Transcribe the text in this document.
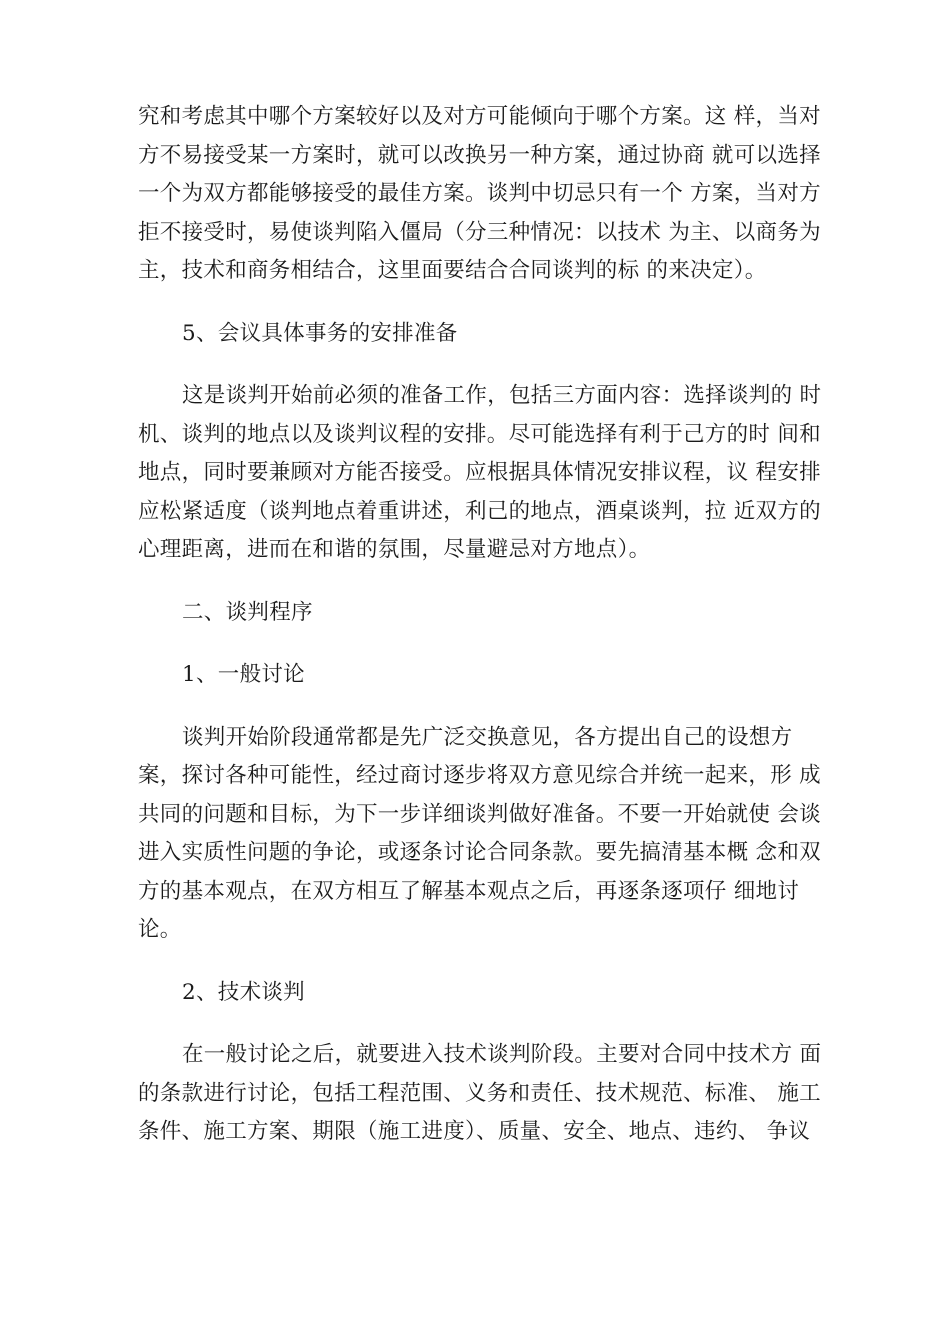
究和考虑其中哪个方案较好以及对方可能倾向于哪个方案。这 样，当对
方不易接受某一方案时，就可以改换另一种方案，通过协商 就可以选择
一个为双方都能够接受的最佳方案。谈判中切忌只有一个 方案，当对方
拒不接受时，易使谈判陷入僵局（分三种情况：以技术 为主、以商务为
主，技术和商务相结合，这里面要结合合同谈判的标 的来决定）。
5、会议具体事务的安排准备
这是谈判开始前必须的准备工作，包括三方面内容：选择谈判的 时
机、谈判的地点以及谈判议程的安排。尽可能选择有利于己方的时 间和
地点，同时要兼顾对方能否接受。应根据具体情况安排议程，议 程安排
应松紧适度（谈判地点着重讲述，利己的地点，酒桌谈判，拉 近双方的
心理距离，进而在和谐的氛围，尽量避忌对方地点）。
二、谈判程序
1、一般讨论
谈判开始阶段通常都是先广泛交换意见，各方提出自己的设想方
案，探讨各种可能性，经过商讨逐步将双方意见综合并统一起来，形 成
共同的问题和目标，为下一步详细谈判做好准备。不要一开始就使 会谈
进入实质性问题的争论，或逐条讨论合同条款。要先搞清基本概 念和双
方的基本观点，在双方相互了解基本观点之后，再逐条逐项仔 细地讨
论。
2、技术谈判
在一般讨论之后，就要进入技术谈判阶段。主要对合同中技术方 面
的条款进行讨论，包括工程范围、义务和责任、技术规范、标准、 施工
条件、施工方案、期限（施工进度）、质量、安全、地点、违约、 争议
